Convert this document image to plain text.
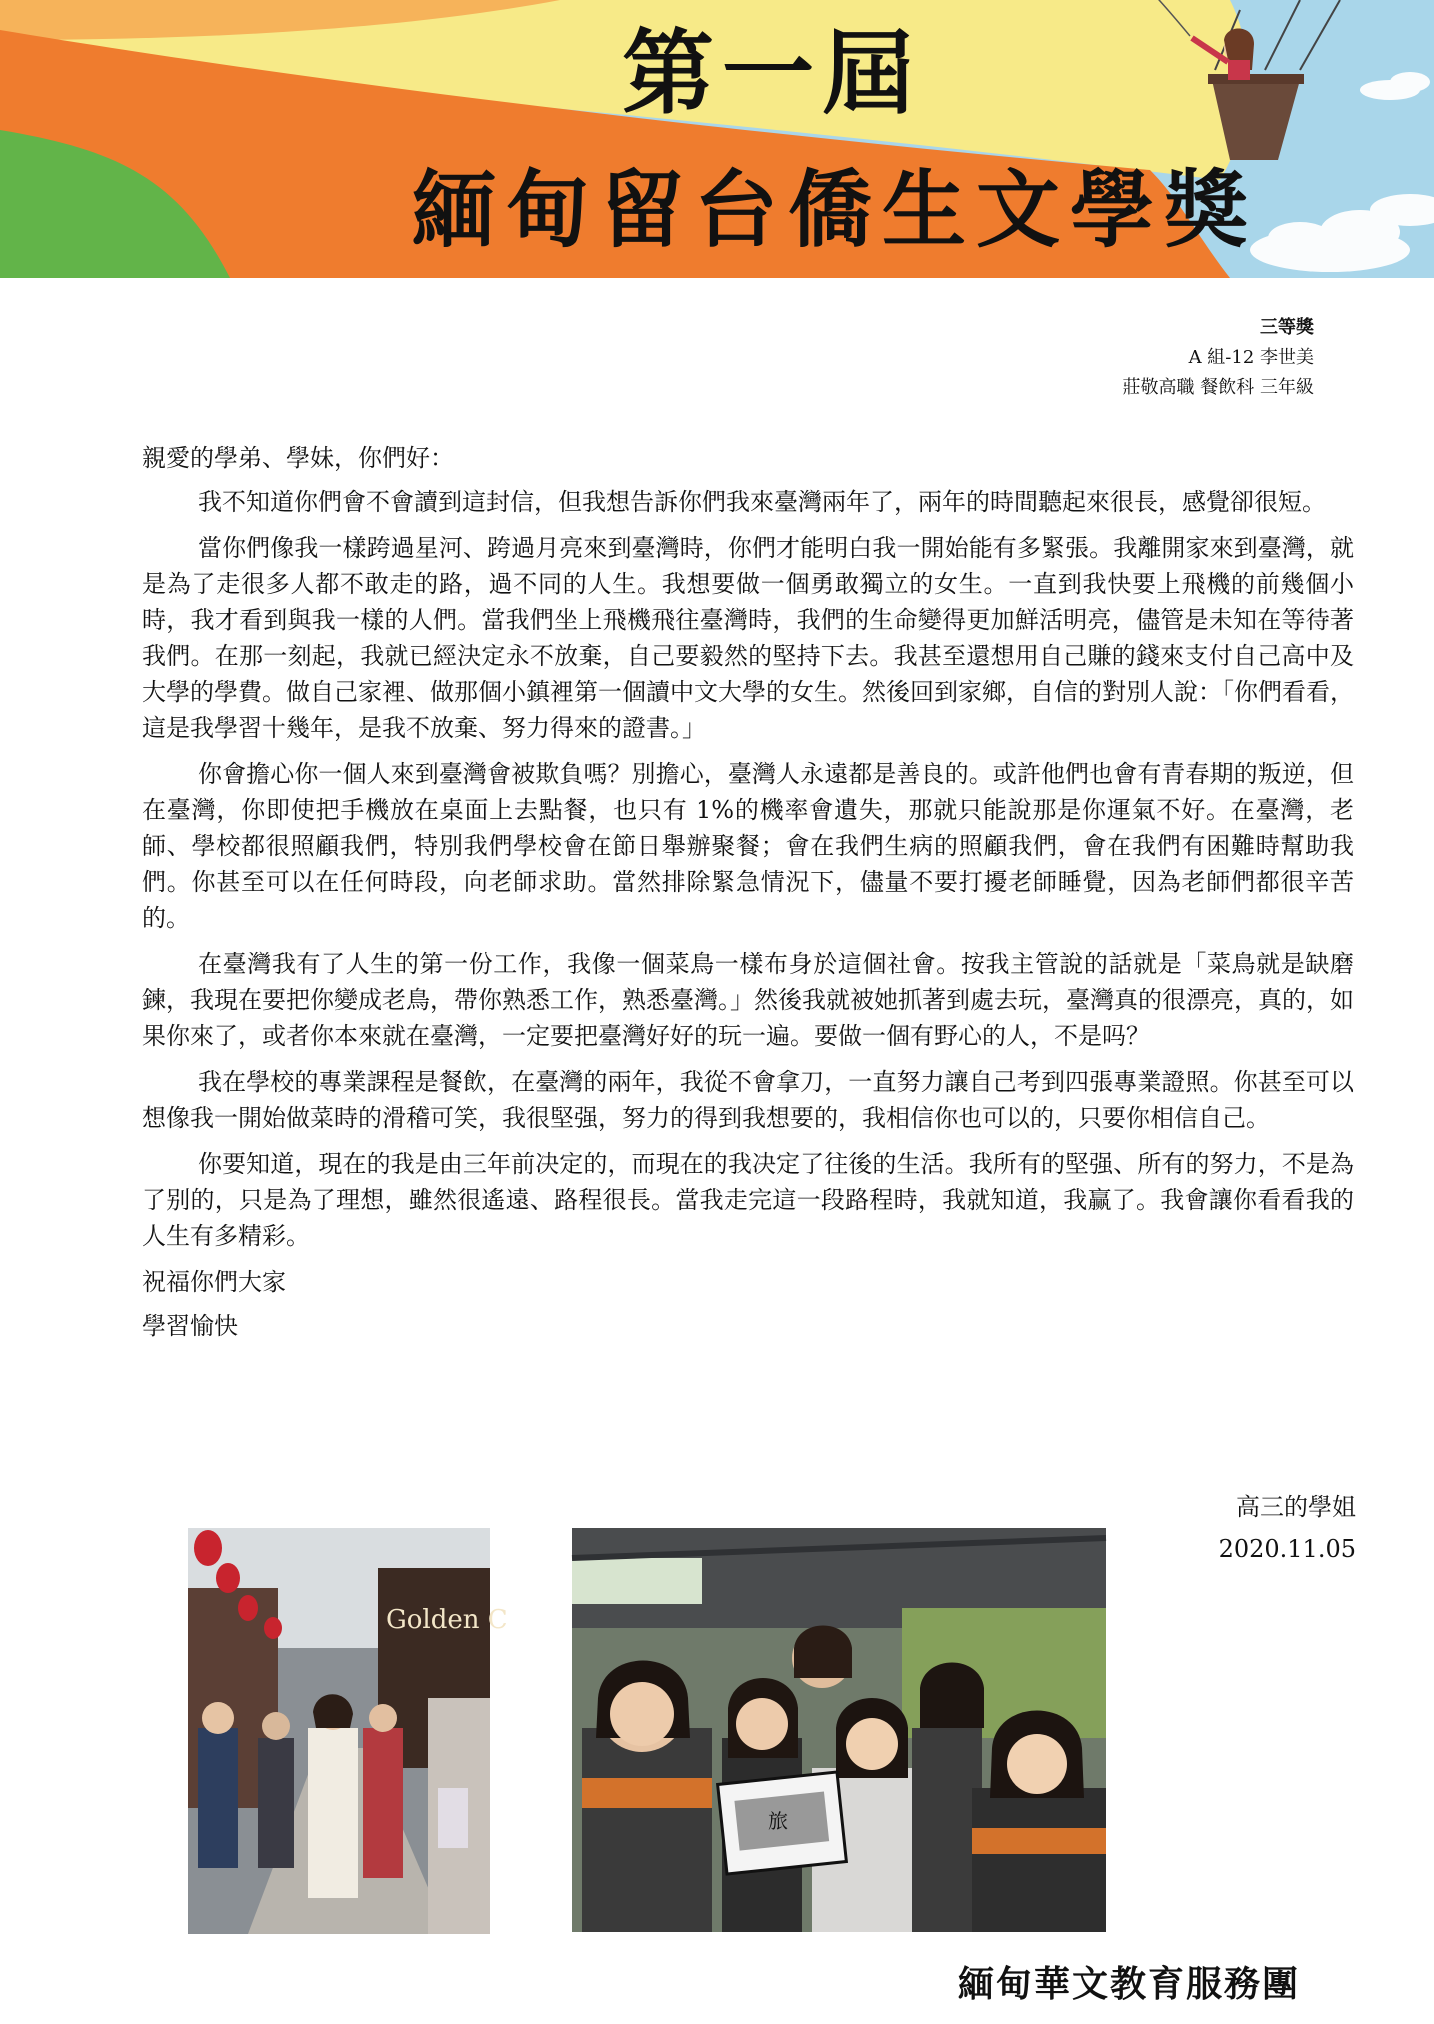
第一屆
緬甸留台僑生文學獎
三等獎
A 組-12 李世美
莊敬高職 餐飲科 三年級

親愛的學弟、學妹，你們好：

我不知道你們會不會讀到這封信，但我想告訴你們我來臺灣兩年了，兩年的時間聽起來很長，感覺卻很短。

當你們像我一樣跨過星河、跨過月亮來到臺灣時，你們才能明白我一開始能有多緊張。我離開家來到臺灣，就是為了走很多人都不敢走的路，過不同的人生。我想要做一個勇敢獨立的女生。一直到我快要上飛機的前幾個小時，我才看到與我一樣的人們。當我們坐上飛機飛往臺灣時，我們的生命變得更加鮮活明亮，儘管是未知在等待著我們。在那一刻起，我就已經決定永不放棄，自己要毅然的堅持下去。我甚至還想用自己賺的錢來支付自己高中及大學的學費。做自己家裡、做那個小鎮裡第一個讀中文大學的女生。然後回到家鄉，自信的對別人說：「你們看看，這是我學習十幾年，是我不放棄、努力得來的證書。」

你會擔心你一個人來到臺灣會被欺負嗎？別擔心，臺灣人永遠都是善良的。或許他們也會有青春期的叛逆，但在臺灣，你即使把手機放在桌面上去點餐，也只有 1%的機率會遺失，那就只能說那是你運氣不好。在臺灣，老師、學校都很照顧我們，特別我們學校會在節日舉辦聚餐；會在我們生病的照顧我們，會在我們有困難時幫助我們。你甚至可以在任何時段，向老師求助。當然排除緊急情況下，儘量不要打擾老師睡覺，因為老師們都很辛苦的。

在臺灣我有了人生的第一份工作，我像一個菜鳥一樣布身於這個社會。按我主管說的話就是「菜鳥就是缺磨鍊，我現在要把你變成老鳥，帶你熟悉工作，熟悉臺灣。」然後我就被她抓著到處去玩，臺灣真的很漂亮，真的，如果你來了，或者你本來就在臺灣，一定要把臺灣好好的玩一遍。要做一個有野心的人，不是吗？

我在學校的專業課程是餐飲，在臺灣的兩年，我從不會拿刀，一直努力讓自己考到四張專業證照。你甚至可以想像我一開始做菜時的滑稽可笑，我很堅强，努力的得到我想要的，我相信你也可以的，只要你相信自己。

你要知道，現在的我是由三年前决定的，而現在的我决定了往後的生活。我所有的堅强、所有的努力，不是為了别的，只是為了理想，雖然很遙遠、路程很長。當我走完這一段路程時，我就知道，我赢了。我會讓你看看我的人生有多精彩。

祝福你們大家

學習愉快

高三的學姐
2020.11.05
Golden C
旅
緬甸華文教育服務團
